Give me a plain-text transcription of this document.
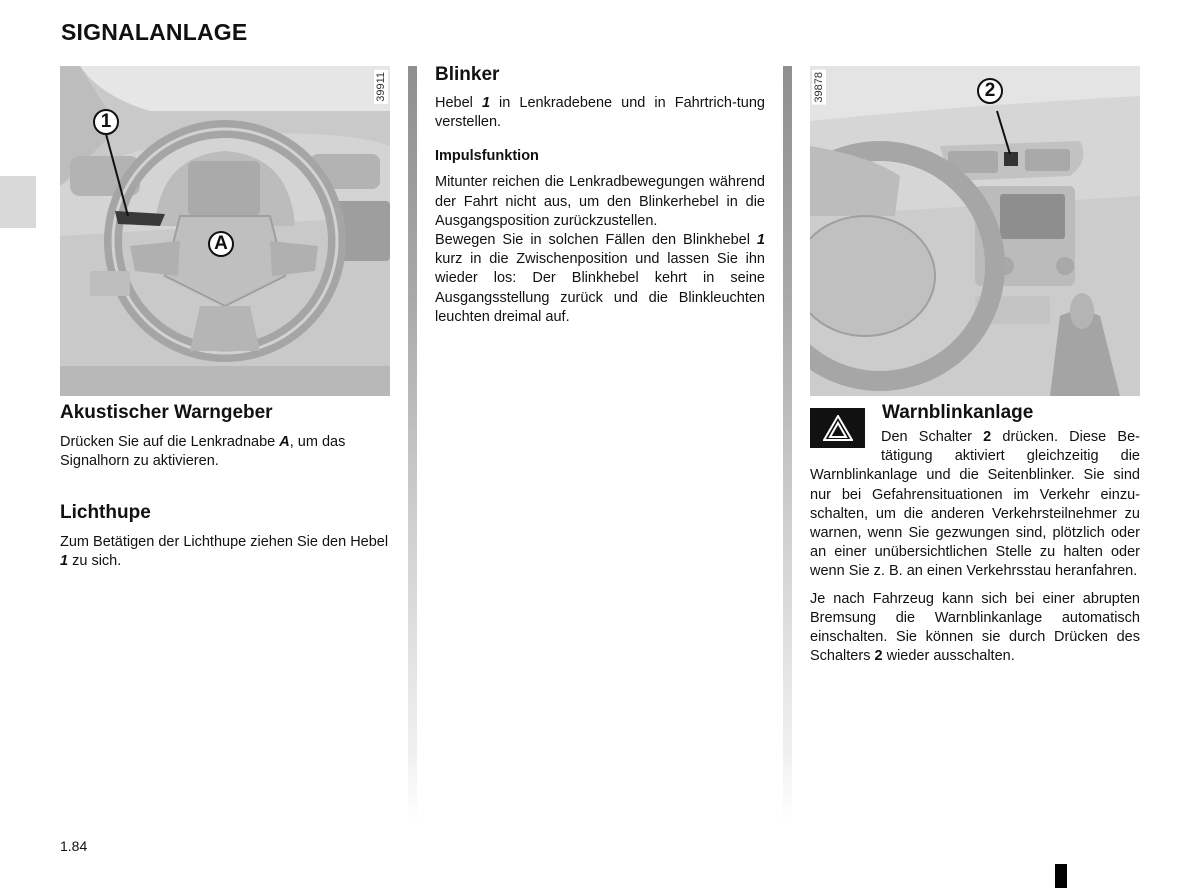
SIGNALANLAGE
39911
1
A
39878	2
Akustischer Warngeber

Drücken Sie auf die Lenkradnabe A, um das Signalhorn zu aktivieren.

Lichthupe

Zum Betätigen der Lichthupe ziehen Sie den Hebel 1 zu sich.

Blinker

Hebel 1 in Lenkradebene und in Fahrtrich-tung verstellen.

Impulsfunktion

Mitunter reichen die Lenkradbewegungen während der Fahrt nicht aus, um den Blinkerhebel in die Ausgangsposition zurückzustellen.

Bewegen Sie in solchen Fällen den Blinkhebel 1 kurz in die Zwischenposition und lassen Sie ihn wieder los: Der Blinkhebel kehrt in seine Ausgangsstellung zurück und die Blinkleuchten leuchten dreimal auf.

Warnblinkanlage

Den Schalter 2 drücken. Diese Betätigung aktiviert gleichzeitig die Warnblinkanlage und die Seitenblinker. Sie sind nur bei Gefahrensituationen im Verkehr einzuschalten, um die anderen Verkehrsteilnehmer zu warnen, wenn Sie gezwungen sind, plötzlich oder an einer unübersichtlichen Stelle zu halten oder wenn Sie z. B. an einen Verkehrsstau heranfahren.

Je nach Fahrzeug kann sich bei einer abrupten Bremsung die Warnblinkanlage automatisch einschalten. Sie können sie durch Drücken des Schalters 2 wieder ausschalten.

1.84
